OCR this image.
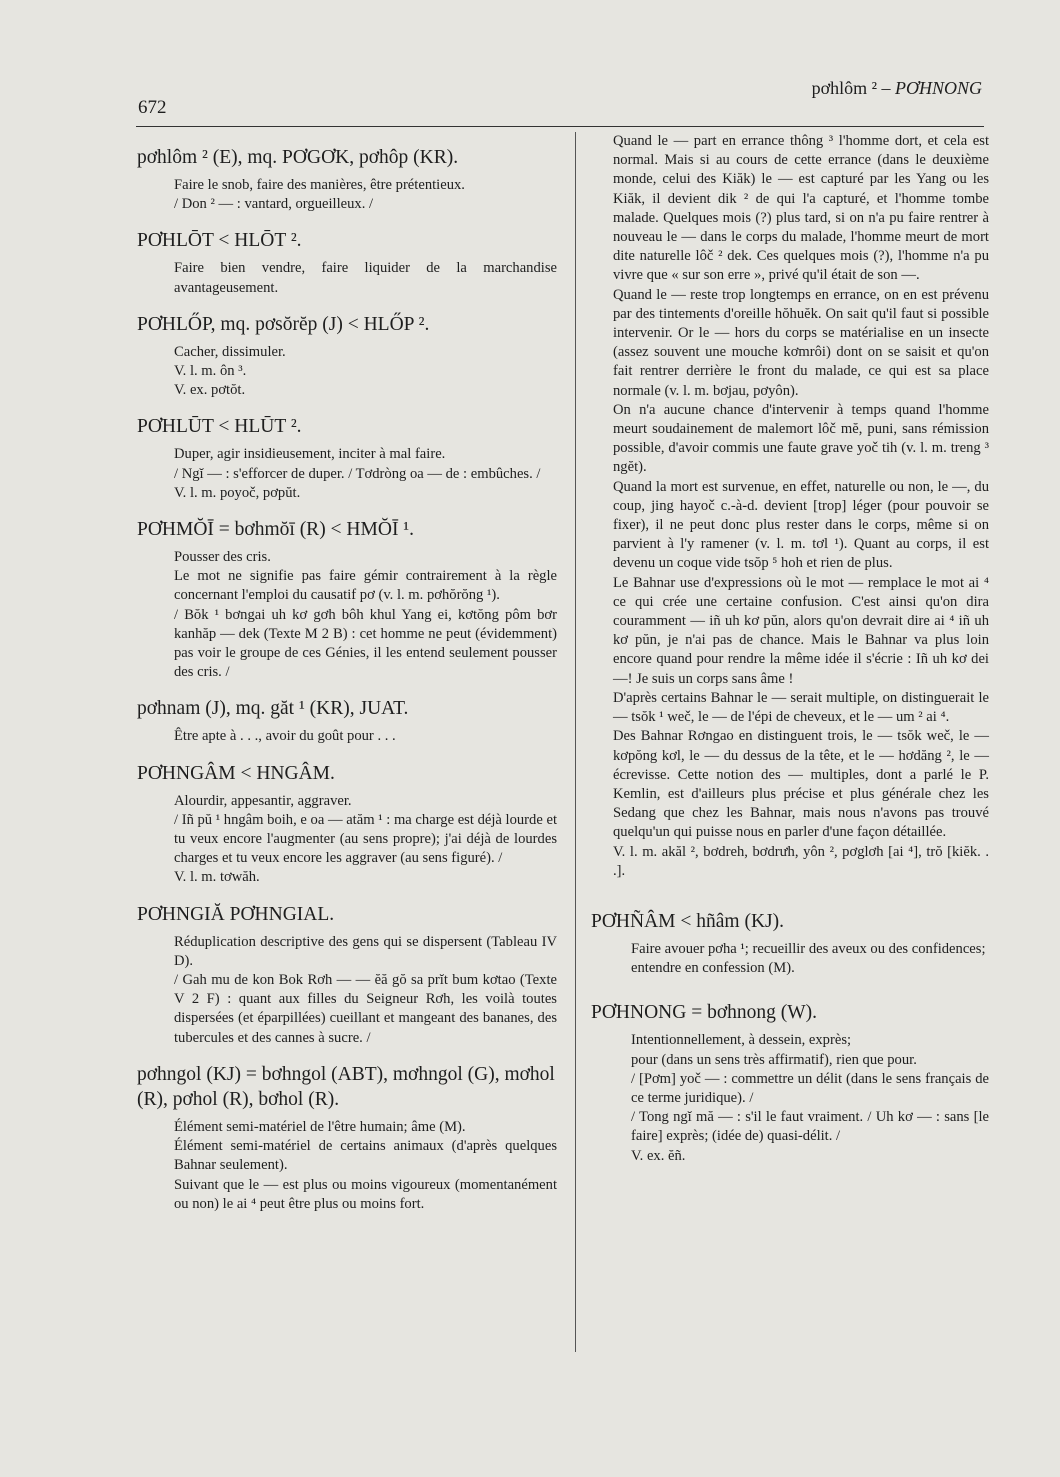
672
pơhlôm ² – PƠHNONG
pơhlôm ² (E), mq. PƠGƠK, pơhôp (KR).

Faire le snob, faire des manières, être prétentieux.

/ Don ² — : vantard, orgueilleux. /

PƠHLŌT < HLŌT ².

Faire bien vendre, faire liquider de la marchandise avantageusement.

PƠHLŐP, mq. pơsŏrĕp (J) < HLŐP ².

Cacher, dissimuler.

V. l. m. ôn ³.

V. ex. pơtŏt.

PƠHLŪT < HLŪT ².

Duper, agir insidieusement, inciter à mal faire.

/ Ngĭ — : s'efforcer de duper. / Tơdròng oa — de : embûches. /

V. l. m. poyoč, pơpŭt.

PƠHMŎĪ = bơhmŏī (R) < HMŎĪ ¹.

Pousser des cris.

Le mot ne signifie pas faire gémir contrairement à la règle concernant l'emploi du causatif pơ (v. l. m. pơhŏrŏng ¹).

/ Bŏk ¹ bơngai uh kơ gơh bôh khul Yang ei, kơtŏng pôm bơr kanhăp — dek (Texte M 2 B) : cet homme ne peut (évidemment) pas voir le groupe de ces Génies, il les entend seulement pousser des cris. /

pơhnam (J), mq. găt ¹ (KR), JUAT.

Être apte à . . ., avoir du goût pour . . .

PƠHNGÂM < HNGÂM.

Alourdir, appesantir, aggraver.

/ Iñ pŭ ¹ hngâm boih, e oa — atăm ¹ : ma charge est déjà lourde et tu veux encore l'augmenter (au sens propre); j'ai déjà de lourdes charges et tu veux encore les aggraver (au sens figuré). /

V. l. m. tơwăh.

PƠHNGIĂ PƠHNGIAL.

Réduplication descriptive des gens qui se dispersent (Tableau IV D).

/ Gah mu de kon Bok Rơh — — ĕă gŏ sa prĭt bum kơtao (Texte V 2 F) : quant aux filles du Seigneur Rơh, les voilà toutes dispersées (et éparpillées) cueillant et mangeant des bananes, des tubercules et des cannes à sucre. /

pơhngol (KJ) = bơhngol (ABT), mơhngol (G), mơhol (R), pơhol (R), bơhol (R).

Élément semi-matériel de l'être humain; âme (M).

Élément semi-matériel de certains animaux (d'après quelques Bahnar seulement).

Suivant que le — est plus ou moins vigoureux (momentanément ou non) le ai ⁴ peut être plus ou moins fort.

Quand le — part en errance thông ³ l'homme dort, et cela est normal. Mais si au cours de cette errance (dans le deuxième monde, celui des Kiăk) le — est capturé par les Yang ou les Kiăk, il devient dik ² de qui l'a capturé, et l'homme tombe malade. Quelques mois (?) plus tard, si on n'a pu faire rentrer à nouveau le — dans le corps du malade, l'homme meurt de mort dite naturelle lôč ² dek. Ces quelques mois (?), l'homme n'a pu vivre que « sur son erre », privé qu'il était de son —.

Quand le — reste trop longtemps en errance, on en est prévenu par des tintements d'oreille hŏhuĕk. On sait qu'il faut si possible intervenir. Or le — hors du corps se matérialise en un insecte (assez souvent une mouche kơmrôi) dont on se saisit et qu'on fait rentrer derrière le front du malade, ce qui est sa place normale (v. l. m. bơjau, pơyôn).

On n'a aucune chance d'intervenir à temps quand l'homme meurt soudainement de malemort lôč mĕ, puni, sans rémission possible, d'avoir commis une faute grave yoč tih (v. l. m. treng ³ ngĕt).

Quand la mort est survenue, en effet, naturelle ou non, le —, du coup, jing hayoč c.-à-d. devient [trop] léger (pour pouvoir se fixer), il ne peut donc plus rester dans le corps, même si on parvient à l'y ramener (v. l. m. tơl ¹). Quant au corps, il est devenu un coque vide tsŏp ⁵ hoh et rien de plus.

Le Bahnar use d'expressions où le mot — remplace le mot ai ⁴ ce qui crée une certaine confusion. C'est ainsi qu'on dira couramment — iñ uh kơ pŭn, alors qu'on devrait dire ai ⁴ iñ uh kơ pŭn, je n'ai pas de chance. Mais le Bahnar va plus loin encore quand pour rendre la même idée il s'écrie : Iñ uh kơ dei —! Je suis un corps sans âme !

D'après certains Bahnar le — serait multiple, on distinguerait le — tsŏk ¹ weč, le — de l'épi de cheveux, et le — um ² ai ⁴.

Des Bahnar Rơngao en distinguent trois, le — tsŏk weč, le — kơpŏng kơl, le — du dessus de la tête, et le — hơdăng ², le — écrevisse. Cette notion des — multiples, dont a parlé le P. Kemlin, est d'ailleurs plus précise et plus générale chez les Sedang que chez les Bahnar, mais nous n'avons pas trouvé quelqu'un qui puisse nous en parler d'une façon détaillée.

V. l. m. akăl ², bơdreh, bơdrưh, yôn ², pơglơh [ai ⁴], trŏ [kiĕk. . .].

PƠHÑÂM < hñâm (KJ).

Faire avouer pơha ¹; recueillir des aveux ou des confidences;

entendre en confession (M).

PƠHNONG = bơhnong (W).

Intentionnellement, à dessein, exprès;

pour (dans un sens très affirmatif), rien que pour.

/ [Pơm] yoč — : commettre un délit (dans le sens français de ce terme juridique). /

/ Tong ngĭ mă — : s'il le faut vraiment. / Uh kơ — : sans [le faire] exprès; (idée de) quasi-délit. /

V. ex. ĕñ.
